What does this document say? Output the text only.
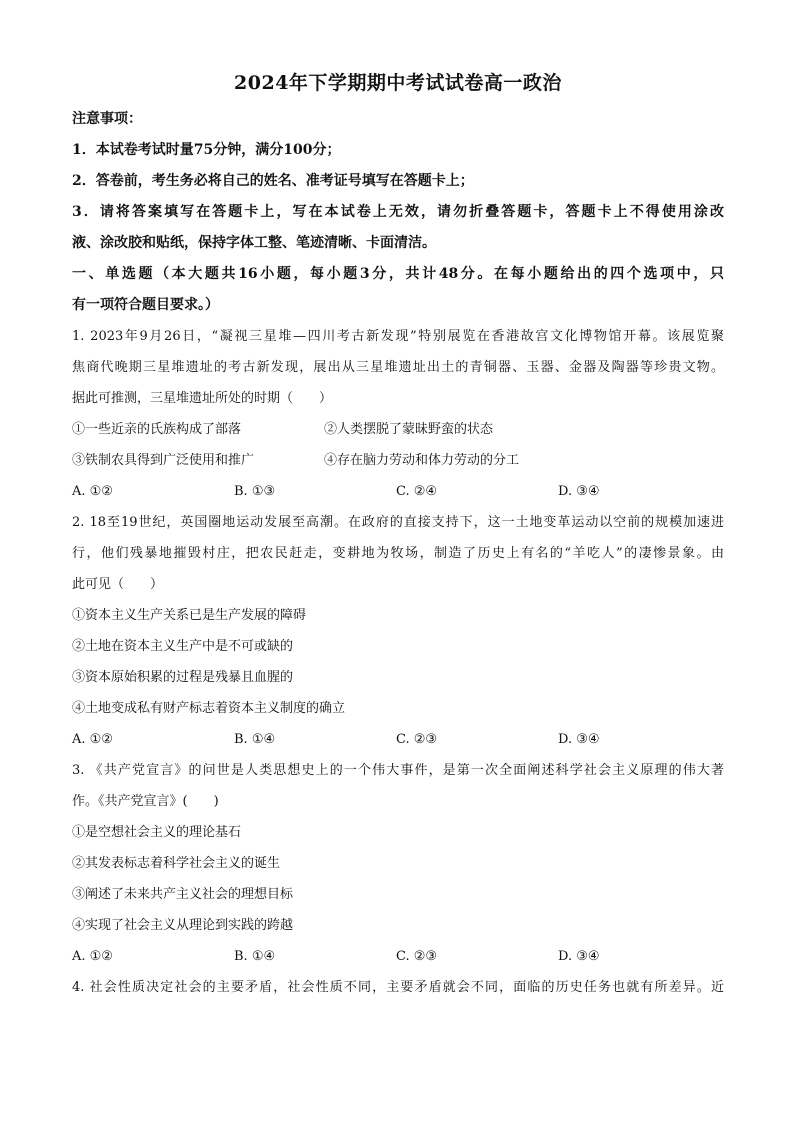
2024年下学期期中考试试卷高一政治
注意事项：
1．本试卷考试时量75分钟，满分100分；
2．答卷前，考生务必将自己的姓名、准考证号填写在答题卡上；
3．请将答案填写在答题卡上，写在本试卷上无效，请勿折叠答题卡，答题卡上不得使用涂改
液、涂改胶和贴纸，保持字体工整、笔迹清晰、卡面清洁。
一、单选题（本大题共16小题，每小题3分，共计48分。在每小题给出的四个选项中，只
有一项符合题目要求。）
1. 2023年9月26日，“凝视三星堆—四川考古新发现”特别展览在香港故宫文化博物馆开幕。该展览聚
焦商代晚期三星堆遗址的考古新发现，展出从三星堆遗址出土的青铜器、玉器、金器及陶器等珍贵文物。
据此可推测，三星堆遗址所处的时期（　　）
①一些近亲的氏族构成了部落	②人类摆脱了蒙昧野蛮的状态
③铁制农具得到广泛使用和推广	④存在脑力劳动和体力劳动的分工
A. ①②	B. ①③	C. ②④	D. ③④
2. 18至19世纪，英国圈地运动发展至高潮。在政府的直接支持下，这一土地变革运动以空前的规模加速进
行，他们残暴地摧毁村庄，把农民赶走，变耕地为牧场，制造了历史上有名的“羊吃人”的凄惨景象。由
此可见（　　）
①资本主义生产关系已是生产发展的障碍
②土地在资本主义生产中是不可或缺的
③资本原始积累的过程是残暴且血腥的
④土地变成私有财产标志着资本主义制度的确立
A. ①②	B. ①④	C. ②③	D. ③④
3. 《共产党宣言》的问世是人类思想史上的一个伟大事件，是第一次全面阐述科学社会主义原理的伟大著
作。《共产党宣言》(　　)
①是空想社会主义的理论基石
②其发表标志着科学社会主义的诞生
③阐述了未来共产主义社会的理想目标
④实现了社会主义从理论到实践的跨越
A. ①②	B. ①④	C. ②③	D. ③④
4. 社会性质决定社会的主要矛盾，社会性质不同，主要矛盾就会不同，面临的历史任务也就有所差异。近
